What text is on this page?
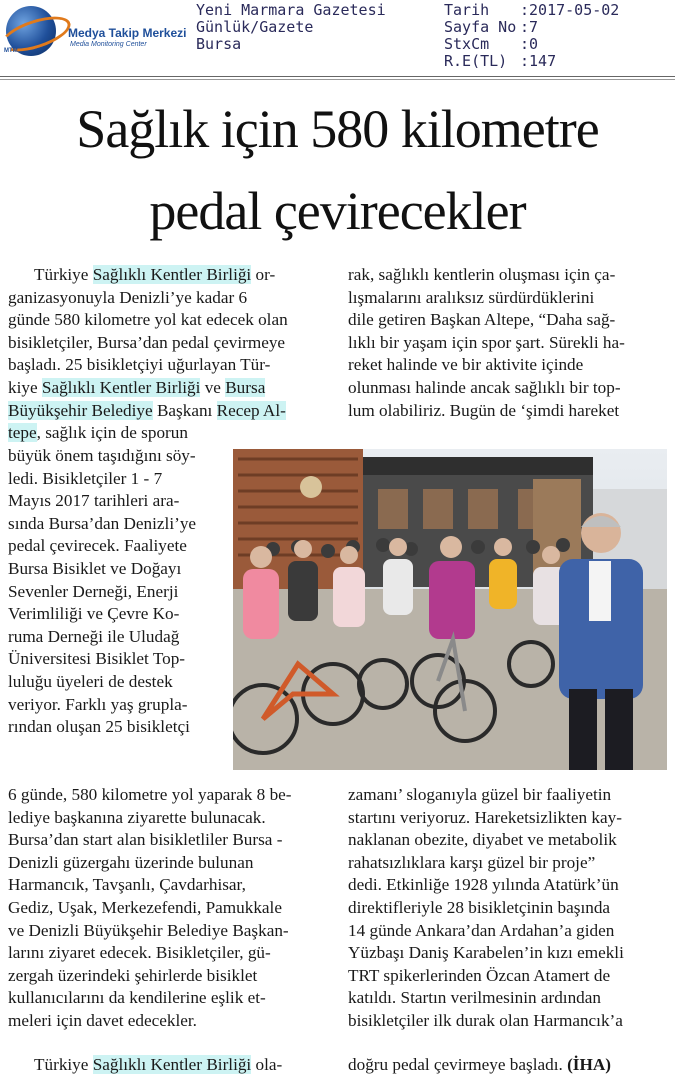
MTM
Medya Takip Merkezi
Media Monitoring Center
Yeni Marmara Gazetesi
Günlük/Gazete
Bursa
Tarih :2017-05-02
Sayfa No :7
StxCm :0
R.E(TL) :147
Sağlık için 580 kilometre
pedal çevirecekler
Türkiye Sağlıklı Kentler Birliği or-
ganizasyonuyla Denizli’ye kadar 6
günde 580 kilometre yol kat edecek olan
bisikletçiler, Bursa’dan pedal çevirmeye
başladı. 25 bisikletçiyi uğurlayan Tür-
kiye Sağlıklı Kentler Birliği ve Bursa
Büyükşehir Belediye Başkanı Recep Al-
tepe, sağlık için de sporun
büyük önem taşıdığını söy-
ledi. Bisikletçiler 1 - 7
Mayıs 2017 tarihleri ara-
sında Bursa’dan Denizli’ye
pedal çevirecek. Faaliyete
Bursa Bisiklet ve Doğayı
Sevenler Derneği, Enerji
Verimliliği ve Çevre Ko-
ruma Derneği ile Uludağ
Üniversitesi Bisiklet Top-
luluğu üyeleri de destek
veriyor. Farklı yaş grupla-
rından oluşan 25 bisikletçi
6 günde, 580 kilometre yol yaparak 8 be-
lediye başkanına ziyarette bulunacak.
Bursa’dan start alan bisikletliler Bursa -
Denizli güzergahı üzerinde bulunan
Harmancık, Tavşanlı, Çavdarhisar,
Gediz, Uşak, Merkezefendi, Pamukkale
ve Denizli Büyükşehir Belediye Başkan-
larını ziyaret edecek. Bisikletçiler, gü-
zergah üzerindeki şehirlerde bisiklet
kullanıcılarını da kendilerine eşlik et-
meleri için davet edecekler.
Türkiye Sağlıklı Kentler Birliği ola-
rak, sağlıklı kentlerin oluşması için ça-
lışmalarını aralıksız sürdürdüklerini
dile getiren Başkan Altepe, “Daha sağ-
lıklı bir yaşam için spor şart. Sürekli ha-
reket halinde ve bir aktivite içinde
olunması halinde ancak sağlıklı bir top-
lum olabiliriz. Bugün de ‘şimdi hareket
zamanı’ sloganıyla güzel bir faaliyetin
startını veriyoruz. Hareketsizlikten kay-
naklanan obezite, diyabet ve metabolik
rahatsızlıklara karşı güzel bir proje”
dedi. Etkinliğe 1928 yılında Atatürk’ün
direktifleriyle 28 bisikletçinin başında
14 günde Ankara’dan Ardahan’a giden
Yüzbaşı Daniş Karabelen’in kızı emekli
TRT spikerlerinden Özcan Atamert de
katıldı. Startın verilmesinin ardından
bisikletçiler ilk durak olan Harmancık’a
doğru pedal çevirmeye başladı. (İHA)
